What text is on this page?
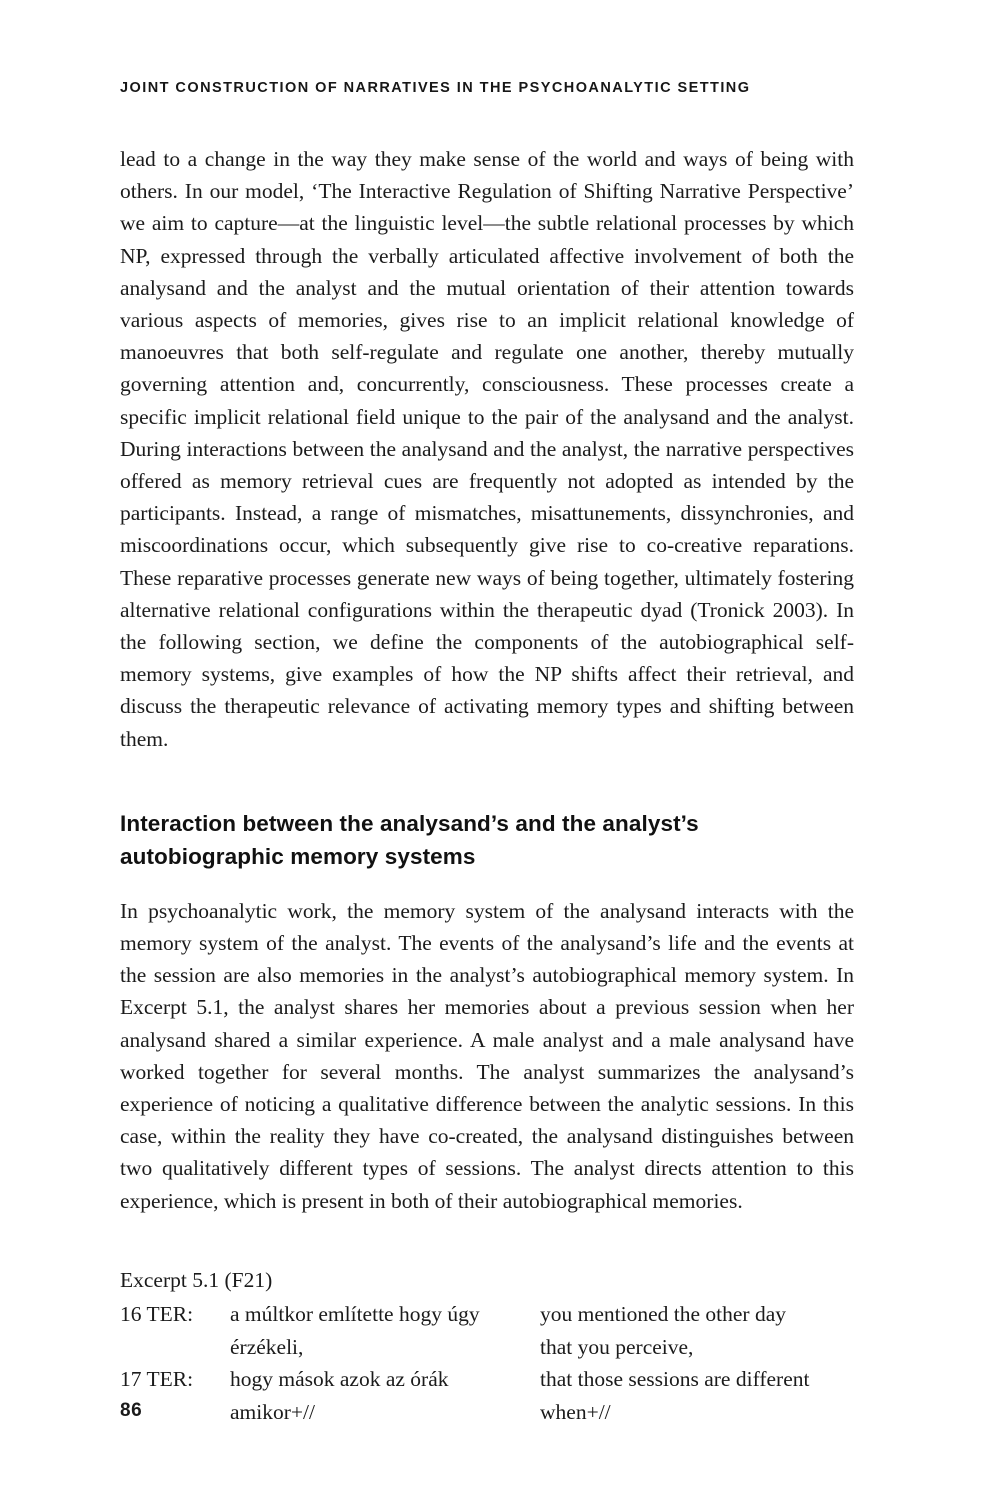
JOINT CONSTRUCTION OF NARRATIVES IN THE PSYCHOANALYTIC SETTING

lead to a change in the way they make sense of the world and ways of being with others. In our model, ‘The Interactive Regulation of Shifting Narrative Perspective’ we aim to capture—at the linguistic level—the subtle relational processes by which NP, expressed through the verbally articulated affective involvement of both the analysand and the analyst and the mutual orientation of their attention towards various aspects of memories, gives rise to an implicit relational knowledge of manoeuvres that both self-regulate and regulate one another, thereby mutually governing attention and, concurrently, consciousness. These processes create a specific implicit relational field unique to the pair of the analysand and the analyst. During interactions between the analysand and the analyst, the narrative perspectives offered as memory retrieval cues are frequently not adopted as intended by the participants. Instead, a range of mismatches, misattunements, dissynchronies, and miscoordinations occur, which subsequently give rise to co-creative reparations. These reparative processes generate new ways of being together, ultimately fostering alternative relational configurations within the therapeutic dyad (Tronick 2003). In the following section, we define the components of the autobiographical self-memory systems, give examples of how the NP shifts affect their retrieval, and discuss the therapeutic relevance of activating memory types and shifting between them.

Interaction between the analysand’s and the analyst’s autobiographic memory systems

In psychoanalytic work, the memory system of the analysand interacts with the memory system of the analyst. The events of the analysand’s life and the events at the session are also memories in the analyst’s autobiographical memory system. In Excerpt 5.1, the analyst shares her memories about a previous session when her analysand shared a similar experience. A male analyst and a male analysand have worked together for several months. The analyst summarizes the analysand’s experience of noticing a qualitative difference between the analytic sessions. In this case, within the reality they have co-created, the analysand distinguishes between two qualitatively different types of sessions. The analyst directs attention to this experience, which is present in both of their autobiographical memories.

Excerpt 5.1 (F21)
16 TER:	a múltkor említette hogy úgy
érzékeli,
you mentioned the other day
that you perceive,
17 TER:	hogy mások azok az órák
amikor+//
that those sessions are different
when+//
86
